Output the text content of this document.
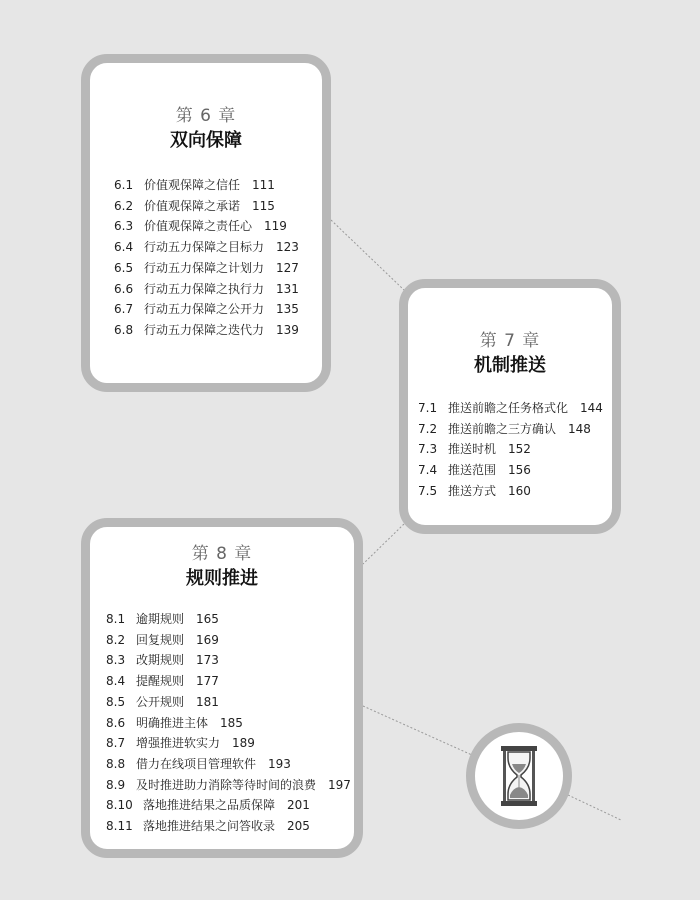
第 6 章
双向保障
6.1 价值观保障之信任 111
6.2 价值观保障之承诺 115
6.3 价值观保障之责任心 119
6.4 行动五力保障之目标力 123
6.5 行动五力保障之计划力 127
6.6 行动五力保障之执行力 131
6.7 行动五力保障之公开力 135
6.8 行动五力保障之迭代力 139
第 7 章
机制推送
7.1 推送前瞻之任务格式化 144
7.2 推送前瞻之三方确认 148
7.3 推送时机 152
7.4 推送范围 156
7.5 推送方式 160
第 8 章
规则推进
8.1 逾期规则 165
8.2 回复规则 169
8.3 改期规则 173
8.4 提醒规则 177
8.5 公开规则 181
8.6 明确推进主体 185
8.7 增强推进软实力 189
8.8 借力在线项目管理软件 193
8.9 及时推进助力消除等待时间的浪费 197
8.10 落地推进结果之品质保障 201
8.11 落地推进结果之问答收录 205
